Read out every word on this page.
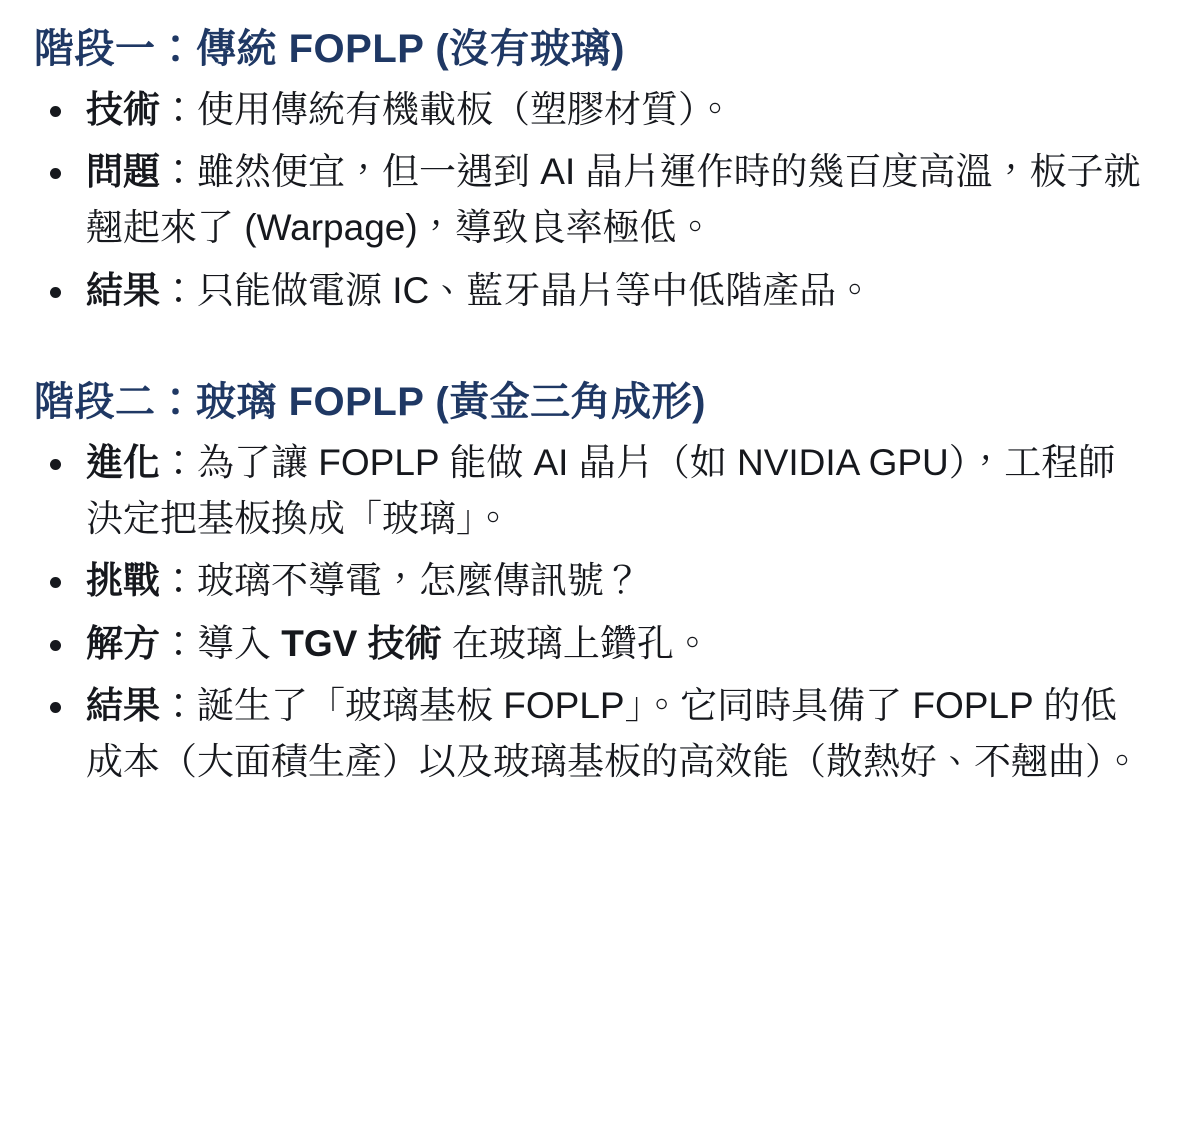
階段一：傳統 FOPLP (沒有玻璃)
技術：使用傳統有機載板（塑膠材質）。
問題：雖然便宜，但一遇到 AI 晶片運作時的幾百度高溫，板子就翹起來了 (Warpage)，導致良率極低。
結果：只能做電源 IC、藍牙晶片等中低階產品。
階段二：玻璃 FOPLP (黃金三角成形)
進化：為了讓 FOPLP 能做 AI 晶片（如 NVIDIA GPU），工程師決定把基板換成「玻璃」。
挑戰：玻璃不導電，怎麼傳訊號？
解方：導入 TGV 技術 在玻璃上鑽孔。
結果：誕生了「玻璃基板 FOPLP」。它同時具備了 FOPLP 的低成本（大面積生產）以及玻璃基板的高效能（散熱好、不翹曲）。
